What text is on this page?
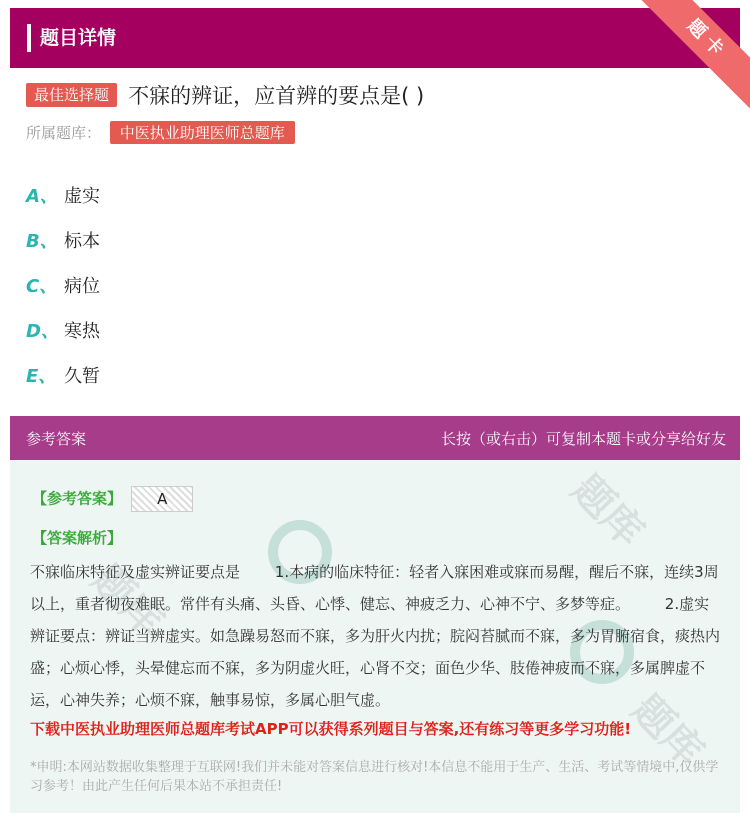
题目详情	题卡
最佳选择题 不寐的辨证，应首辨的要点是( )
所属题库： 中医执业助理医师总题库
A、 虚实
B、 标本
C、 病位
D、 寒热
E、 久暂
参考答案	长按（或右击）可复制本题卡或分享给好友
题库
题库
题库
【参考答案】 A
【答案解析】
不寐临床特征及虚实辨证要点是 　　1.本病的临床特征：轻者入寐困难或寐而易醒，醒后不寐，连续3周以上，重者彻夜难眠。常伴有头痛、头昏、心悸、健忘、神疲乏力、心神不宁、多梦等症。 　　2.虚实辨证要点：辨证当辨虚实。如急躁易怒而不寐，多为肝火内扰；脘闷苔腻而不寐，多为胃腑宿食，痰热内盛；心烦心悸，头晕健忘而不寐，多为阴虚火旺，心肾不交；面色少华、肢倦神疲而不寐，多属脾虚不运，心神失养；心烦不寐，触事易惊，多属心胆气虚。
下载中医执业助理医师总题库考试APP可以获得系列题目与答案,还有练习等更多学习功能!
*申明:本网站数据收集整理于互联网!我们并未能对答案信息进行核对!本信息不能用于生产、生活、考试等情境中,仅供学习参考！由此产生任何后果本站不承担责任!
